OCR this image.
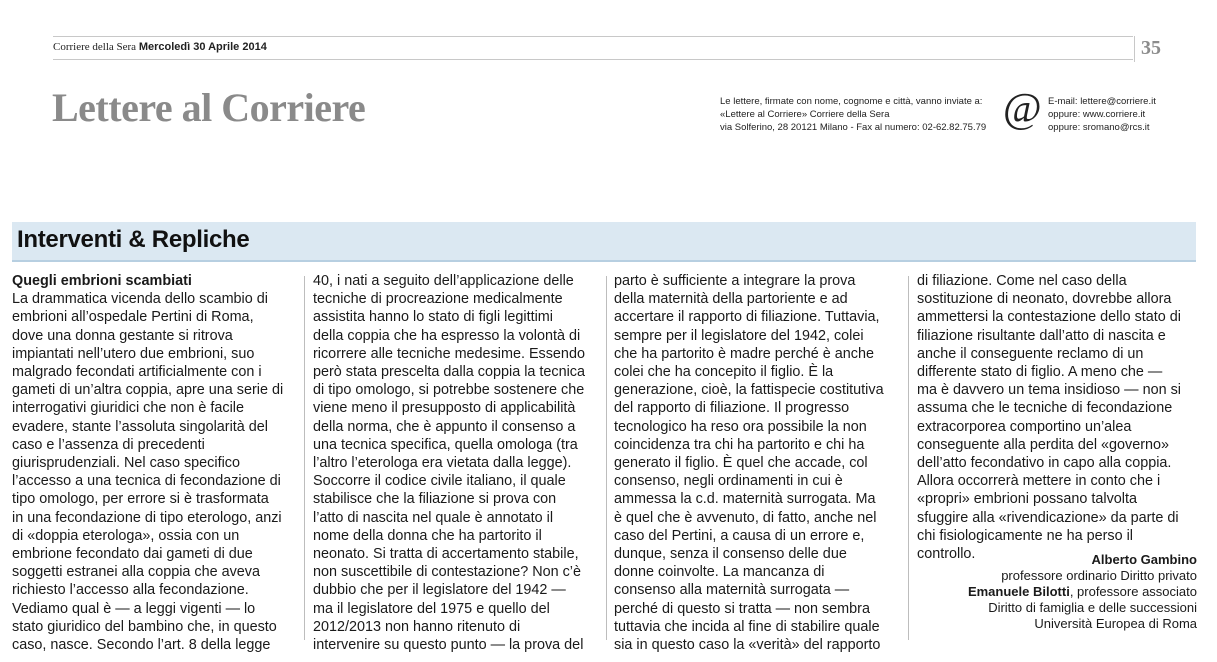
Corriere della Sera Mercoledì 30 Aprile 2014	35
Lettere al Corriere	Le lettere, firmate con nome, cognome e città, vanno inviate a:
«Lettere al Corriere» Corriere della Sera
via Solferino, 28 20121 Milano - Fax al numero: 02-62.82.75.79 @ E-mail: lettere@corriere.it
oppure: www.corriere.it
oppure: sromano@rcs.it
Interventi & Repliche
Quegli embrioni scambiati
La drammatica vicenda dello scambio di
embrioni all’ospedale Pertini di Roma,
dove una donna gestante si ritrova
impiantati nell’utero due embrioni, suo
malgrado fecondati artificialmente con i
gameti di un’altra coppia, apre una serie di
interrogativi giuridici che non è facile
evadere, stante l’assoluta singolarità del
caso e l’assenza di precedenti
giurisprudenziali. Nel caso specifico
l’accesso a una tecnica di fecondazione di
tipo omologo, per errore si è trasformata
in una fecondazione di tipo eterologo, anzi
di «doppia eterologa», ossia con un
embrione fecondato dai gameti di due
soggetti estranei alla coppia che aveva
richiesto l’accesso alla fecondazione.
Vediamo qual è — a leggi vigenti — lo
stato giuridico del bambino che, in questo
caso, nasce. Secondo l’art. 8 della legge
40, i nati a seguito dell’applicazione delle
tecniche di procreazione medicalmente
assistita hanno lo stato di figli legittimi
della coppia che ha espresso la volontà di
ricorrere alle tecniche medesime. Essendo
però stata prescelta dalla coppia la tecnica
di tipo omologo, si potrebbe sostenere che
viene meno il presupposto di applicabilità
della norma, che è appunto il consenso a
una tecnica specifica, quella omologa (tra
l’altro l’eterologa era vietata dalla legge).
Soccorre il codice civile italiano, il quale
stabilisce che la filiazione si prova con
l’atto di nascita nel quale è annotato il
nome della donna che ha partorito il
neonato. Si tratta di accertamento stabile,
non suscettibile di contestazione? Non c’è
dubbio che per il legislatore del 1942 —
ma il legislatore del 1975 e quello del
2012/2013 non hanno ritenuto di
intervenire su questo punto — la prova del
parto è sufficiente a integrare la prova
della maternità della partoriente e ad
accertare il rapporto di filiazione. Tuttavia,
sempre per il legislatore del 1942, colei
che ha partorito è madre perché è anche
colei che ha concepito il figlio. È la
generazione, cioè, la fattispecie costitutiva
del rapporto di filiazione. Il progresso
tecnologico ha reso ora possibile la non
coincidenza tra chi ha partorito e chi ha
generato il figlio. È quel che accade, col
consenso, negli ordinamenti in cui è
ammessa la c.d. maternità surrogata. Ma
è quel che è avvenuto, di fatto, anche nel
caso del Pertini, a causa di un errore e,
dunque, senza il consenso delle due
donne coinvolte. La mancanza di
consenso alla maternità surrogata —
perché di questo si tratta — non sembra
tuttavia che incida al fine di stabilire quale
sia in questo caso la «verità» del rapporto
di filiazione. Come nel caso della
sostituzione di neonato, dovrebbe allora
ammettersi la contestazione dello stato di
filiazione risultante dall’atto di nascita e
anche il conseguente reclamo di un
differente stato di figlio. A meno che —
ma è davvero un tema insidioso — non si
assuma che le tecniche di fecondazione
extracorporea comportino un’alea
conseguente alla perdita del «governo»
dell’atto fecondativo in capo alla coppia.
Allora occorrerà mettere in conto che i
«propri» embrioni possano talvolta
sfuggire alla «rivendicazione» da parte di
chi fisiologicamente ne ha perso il
controllo.	Alberto Gambino
professore ordinario Diritto privato
Emanuele Bilotti, professore associato
Diritto di famiglia e delle successioni
Università Europea di Roma
